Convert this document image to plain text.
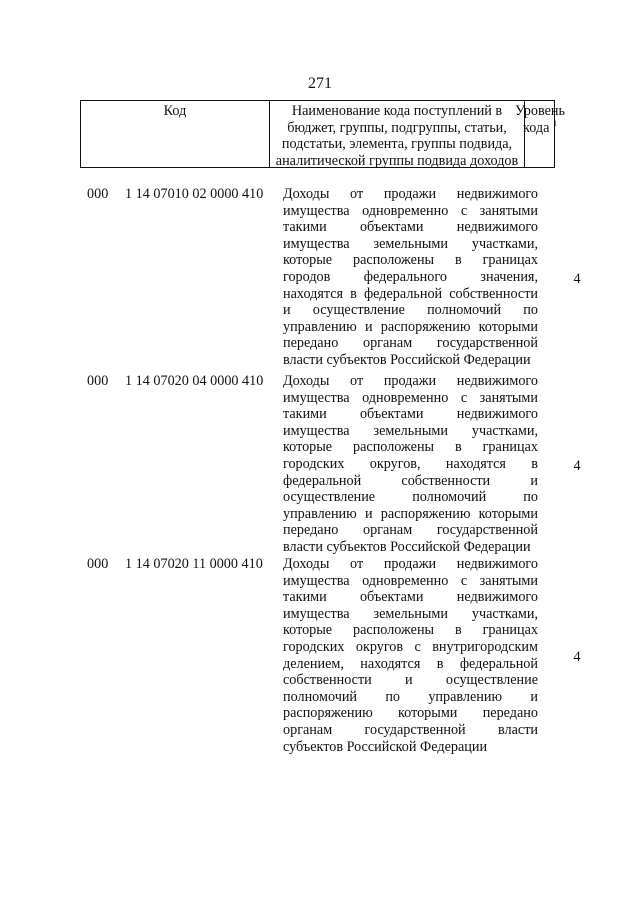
271
Код	Наименование кода поступлений в
бюджет, группы, подгруппы, статьи,
подстатьи, элемента, группы подвида,
аналитической группы подвида доходов
Уровень
кода $^1$
000 1 14 07010 02 0000 410 Доходы от продажи недвижимого
имущества одновременно с занятыми
такими объектами недвижимого
имущества земельными участками,
которые расположены в границах
городов федерального значения,
находятся в федеральной собственности
и осуществление полномочий по
управлению и распоряжению которыми
передано органам государственной
власти субъектов Российской Федерации
4
000 1 14 07020 04 0000 410 Доходы от продажи недвижимого
имущества одновременно с занятыми
такими объектами недвижимого
имущества земельными участками,
которые расположены в границах
городских округов, находятся в
федеральной собственности и
осуществление полномочий по
управлению и распоряжению которыми
передано органам государственной
власти субъектов Российской Федерации
4
000 1 14 07020 11 0000 410 Доходы от продажи недвижимого
имущества одновременно с занятыми
такими объектами недвижимого
имущества земельными участками,
которые расположены в границах
городских округов с внутригородским
делением, находятся в федеральной
собственности и осуществление
полномочий по управлению и
распоряжению которыми передано
органам государственной власти
субъектов Российской Федерации
4
